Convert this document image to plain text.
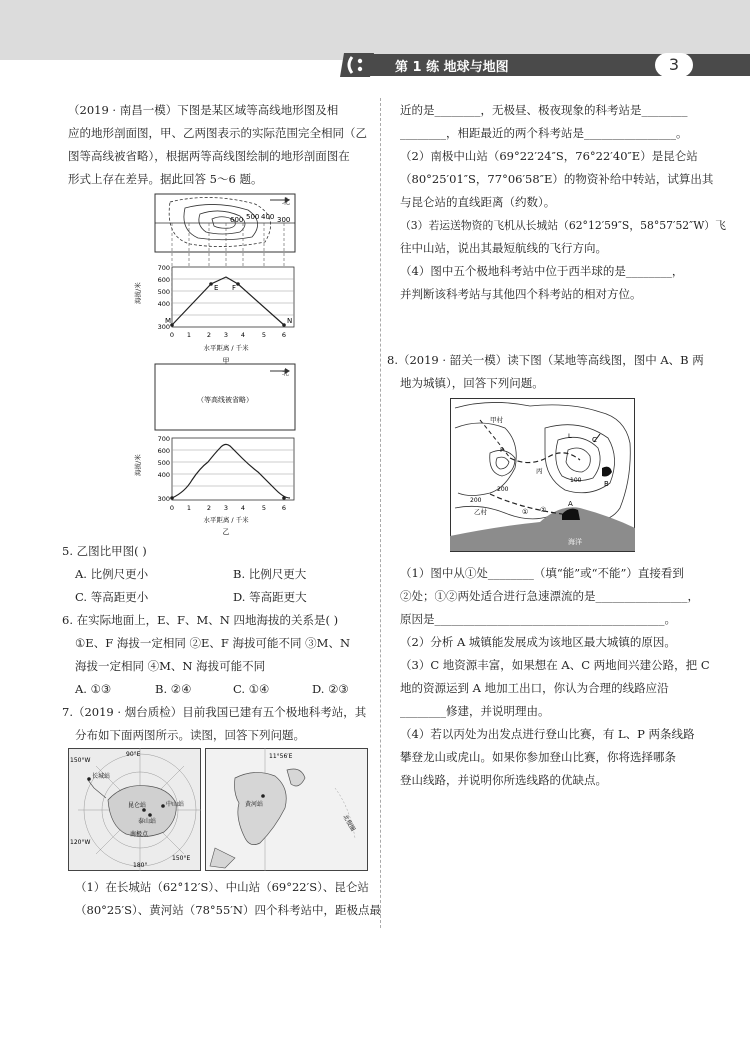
第 1 练 地球与地图	3
（2019 · 南昌一模）下图是某区域等高线地形图及相
应的地形剖面图，甲、乙两图表示的实际范围完全相同（乙
图等高线被省略），根据两等高线图绘制的地形剖面图在
形式上存在差异。据此回答 5～6 题。
北
600 500 400 300
M
E F
N
700
600
500
400
300
海拔/米
0 1 2 3 4	5 6
水平距离 / 千米
甲
北
（等高线被省略）
700
600
500
400
300
海拔/米
0 1 2 3 4	5 6
水平距离 / 千米
乙
5. 乙图比甲图( )
A. 比例尺更小	B. 比例尺更大
C. 等高距更小	D. 等高距更大
6. 在实际地面上，E、F、M、N 四地海拔的关系是( )
①E、F 海拔一定相同 ②E、F 海拔可能不同 ③M、N
海拔一定相同 ④M、N 海拔可能不同
A. ①③	B. ②④	C. ①④	D. ②③
7.（2019 · 烟台质检）目前我国已建有五个极地科考站，其
分布如下面两图所示。读图，回答下列问题。
90°E
150°W
长城站
昆仑站	中山站
泰山站
南极点
120°W
150°E
180°
11°56′E
黄河站
北极圈
（1）在长城站（62°12′S）、中山站（69°22′S）、昆仑站
（80°25′S）、黄河站（78°55′N）四个科考站中，距极点最
近的是________，无极昼、极夜现象的科考站是________
________，相距最近的两个科考站是________________。
（2）南极中山站（69°22′24″S，76°22′40″E）是昆仑站
（80°25′01″S，77°06′58″E）的物资补给中转站，试算出其
与昆仑站的直线距离（约数）。
（3）若运送物资的飞机从长城站（62°12′59″S，58°57′52″W）飞
往中山站，说出其最短航线的飞行方向。
（4）图中五个极地科考站中位于西半球的是________，
并判断该科考站与其他四个科考站的相对方位。
8.（2019 · 韶关一模）读下图（某地等高线图，图中 A、B 两
地为城镇），回答下列问题。
甲村
乙村
丙
P
L	C
A
B
海洋
200
200
100
① ②
（1）图中从①处________（填“能”或“不能”）直接看到
②处；①②两处适合进行急速漂流的是________________，
原因是________________________________________。
（2）分析 A 城镇能发展成为该地区最大城镇的原因。
（3）C 地资源丰富，如果想在 A、C 两地间兴建公路，把 C
地的资源运到 A 地加工出口，你认为合理的线路应沿
________修建，并说明理由。
（4）若以丙处为出发点进行登山比赛，有 L、P 两条线路
攀登龙山或虎山。如果你参加登山比赛，你将选择哪条
登山线路，并说明你所选线路的优缺点。
